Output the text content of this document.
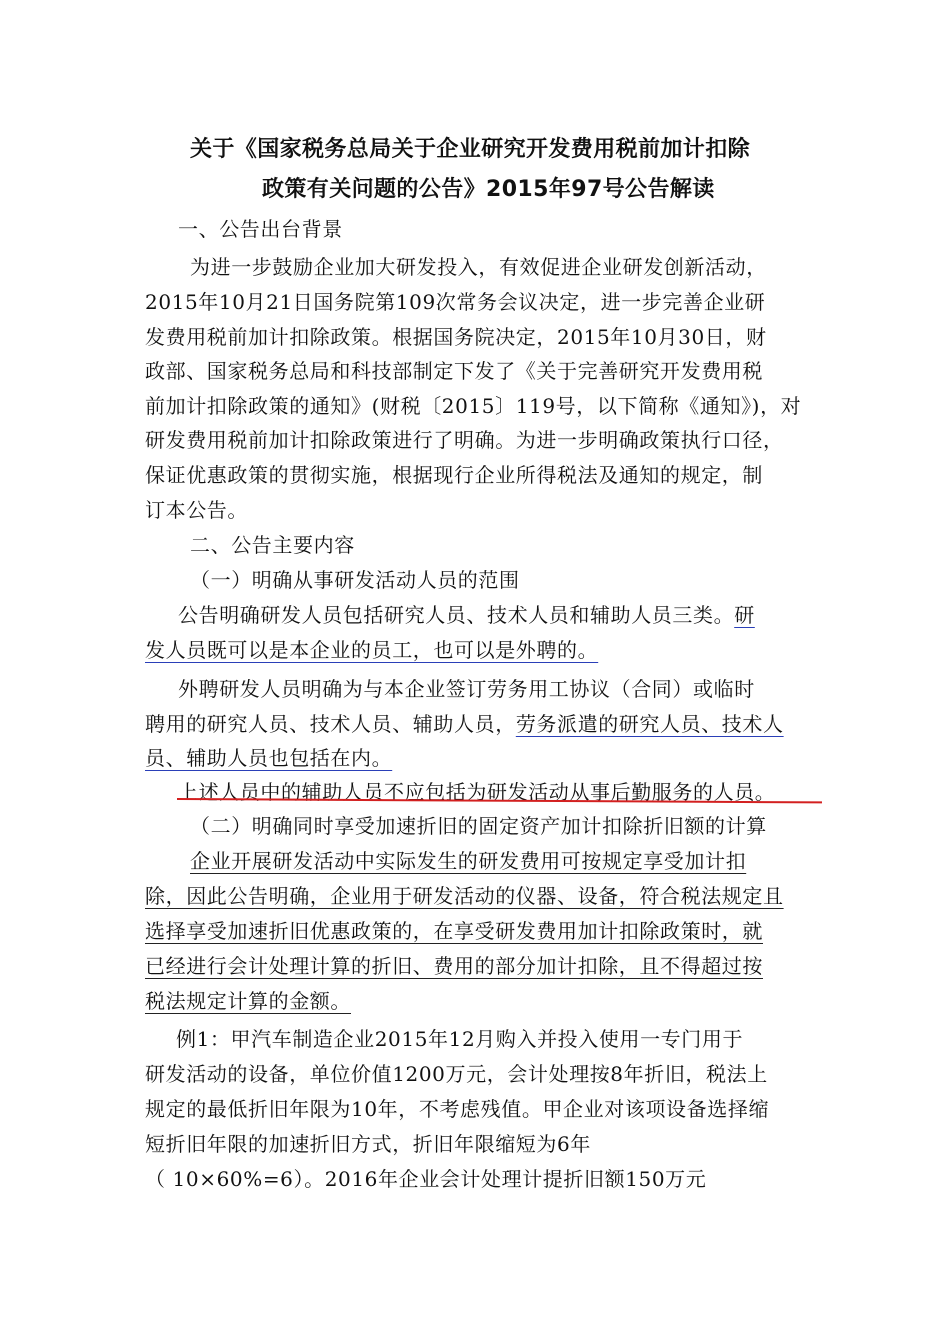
关于《国家税务总局关于企业研究开发费用税前加计扣除
政策有关问题的公告》2015年97号公告解读
一、公告出台背景
为进一步鼓励企业加大研发投入，有效促进企业研发创新活动，
2015年10月21日国务院第109次常务会议决定，进一步完善企业研
发费用税前加计扣除政策。根据国务院决定，2015年10月30日，财
政部、国家税务总局和科技部制定下发了《关于完善研究开发费用税
前加计扣除政策的通知》(财税〔2015〕119号，以下简称《通知》)，对
研发费用税前加计扣除政策进行了明确。为进一步明确政策执行口径，
保证优惠政策的贯彻实施，根据现行企业所得税法及通知的规定，制
订本公告。
二、公告主要内容
（一）明确从事研发活动人员的范围
公告明确研发人员包括研究人员、技术人员和辅助人员三类。研
发人员既可以是本企业的员工，也可以是外聘的。
外聘研发人员明确为与本企业签订劳务用工协议（合同）或临时
聘用的研究人员、技术人员、辅助人员，劳务派遣的研究人员、技术人
员、辅助人员也包括在内。
上述人员中的辅助人员不应包括为研发活动从事后勤服务的人员。
（二）明确同时享受加速折旧的固定资产加计扣除折旧额的计算
企业开展研发活动中实际发生的研发费用可按规定享受加计扣
除，因此公告明确，企业用于研发活动的仪器、设备，符合税法规定且
选择享受加速折旧优惠政策的，在享受研发费用加计扣除政策时，就
已经进行会计处理计算的折旧、费用的部分加计扣除，且不得超过按
税法规定计算的金额。
例1：甲汽车制造企业2015年12月购入并投入使用一专门用于
研发活动的设备，单位价值1200万元，会计处理按8年折旧，税法上
规定的最低折旧年限为10年，不考虑残值。甲企业对该项设备选择缩
短折旧年限的加速折旧方式，折旧年限缩短为6年
（ 10×60%=6）。2016年企业会计处理计提折旧额150万元
